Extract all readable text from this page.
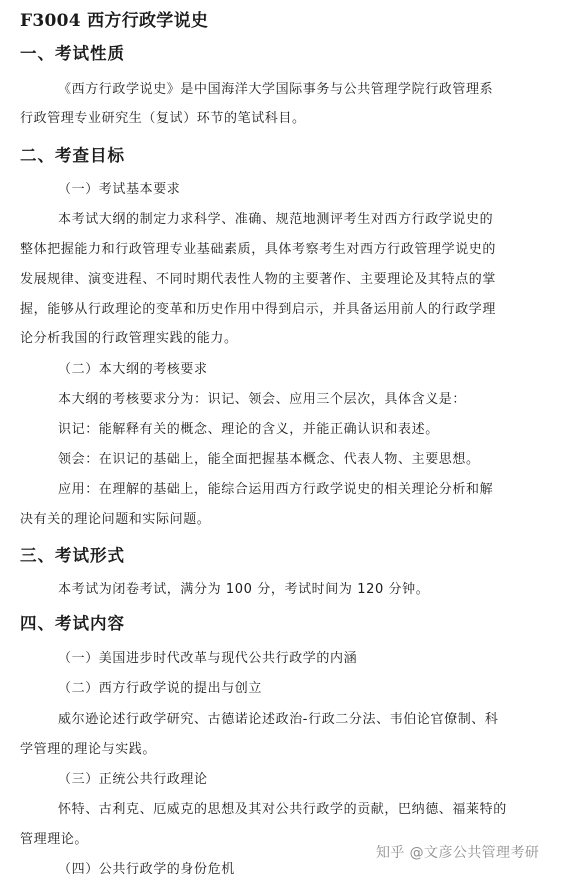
F3004 西方行政学说史
一、考试性质
《西方行政学说史》是中国海洋大学国际事务与公共管理学院行政管理系
行政管理专业研究生（复试）环节的笔试科目。
二、考查目标
（一）考试基本要求
本考试大纲的制定力求科学、准确、规范地测评考生对西方行政学说史的
整体把握能力和行政管理专业基础素质，具体考察考生对西方行政管理学说史的
发展规律、演变进程、不同时期代表性人物的主要著作、主要理论及其特点的掌
握，能够从行政理论的变革和历史作用中得到启示，并具备运用前人的行政学理
论分析我国的行政管理实践的能力。
（二）本大纲的考核要求
本大纲的考核要求分为：识记、领会、应用三个层次，具体含义是：
识记：能解释有关的概念、理论的含义，并能正确认识和表述。
领会：在识记的基础上，能全面把握基本概念、代表人物、主要思想。
应用：在理解的基础上，能综合运用西方行政学说史的相关理论分析和解
决有关的理论问题和实际问题。
三、考试形式
本考试为闭卷考试，满分为 100 分，考试时间为 120 分钟。
四、考试内容
（一）美国进步时代改革与现代公共行政学的内涵
（二）西方行政学说的提出与创立
威尔逊论述行政学研究、古德诺论述政治-行政二分法、韦伯论官僚制、科
学管理的理论与实践。
（三）正统公共行政理论
怀特、古利克、厄威克的思想及其对公共行政学的贡献，巴纳德、福莱特的
管理理论。
（四）公共行政学的身份危机
知乎 @文彦公共管理考研
